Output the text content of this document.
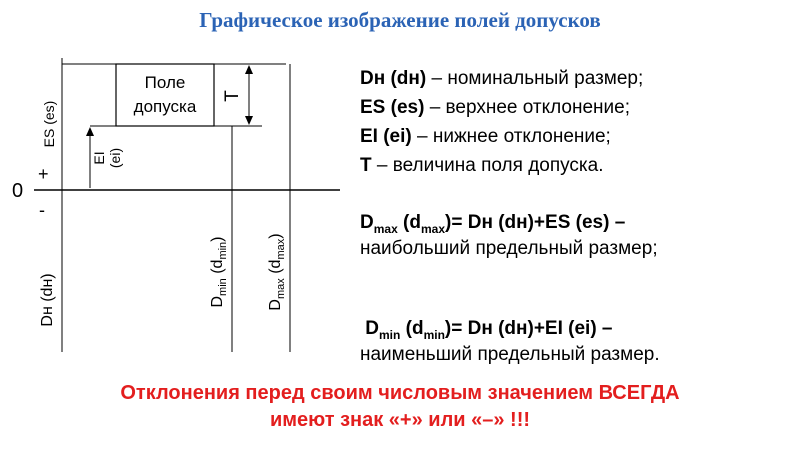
Графическое изображение полей допусков
Поле
допуска
T
0
+
-
ES (es)
EI (ei)
Dн (dн)	$D_{min}$ $(d_{min})$
$D_{max}$ $(d_{max})$
Dн (dн) – номинальный размер;
ES (es) – верхнее отклонение;
EI (ei) – нижнее отклонение;
T – величина поля допуска.
$D_{max}$ $(d_{max})=$ Dн (dн)+ES (es) –
наибольший предельный размер;
$D_{min}$ $(d_{min})=$ Dн (dн)+EI (ei) –
наименьший предельный размер.
Отклонения перед своим числовым значением ВСЕГДА
имеют знак «+» или «–» !!!
